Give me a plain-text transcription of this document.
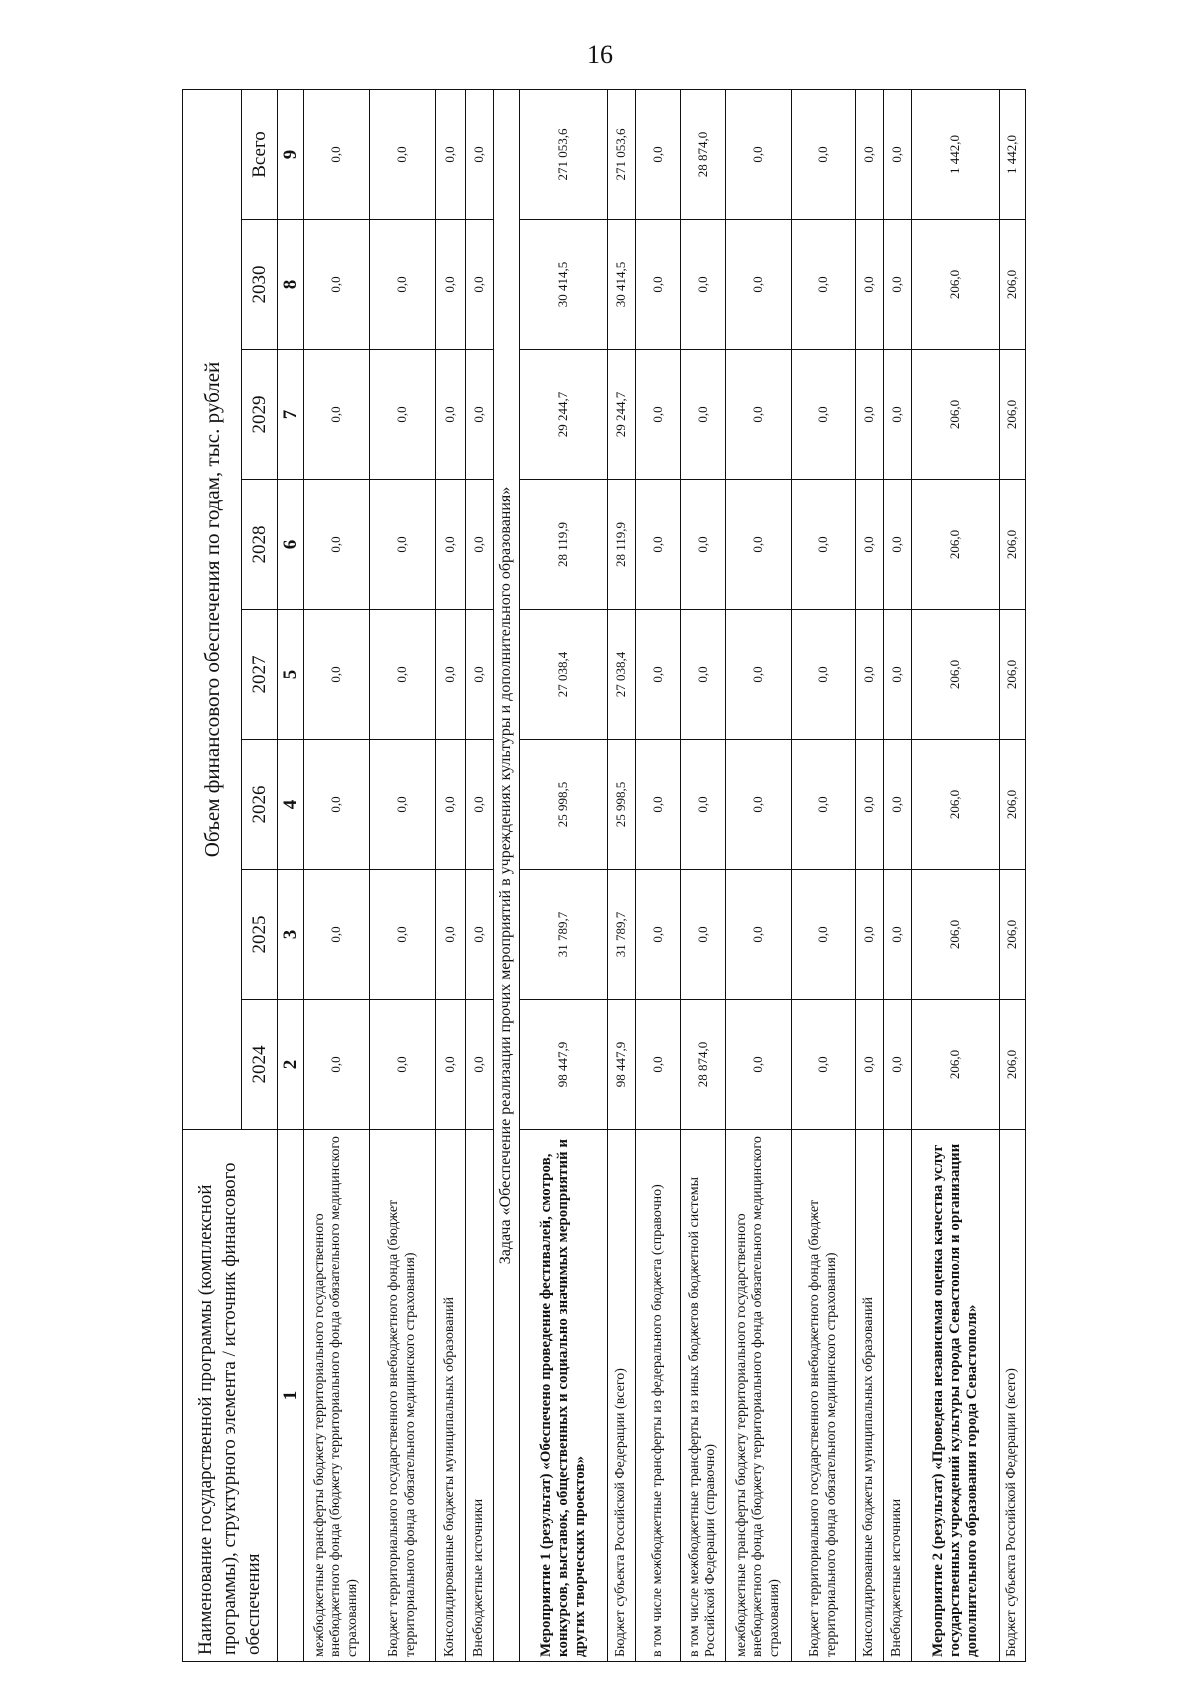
16
Наименование государственной программы (комплексной программы), структурного элемента / источник финансового обеспечения	Объем финансового обеспечения по годам, тыс. рублей							
	2024	2025	2026	2027	2028	2029	2030	Всего
1	2	3	4	5	6	7	8	9
межбюджетные трансферты бюджету территориального государственного внебюджетного фонда (бюджету территориального фонда обязательного медицинского страхования)	0,0	0,0	0,0	0,0	0,0	0,0	0,0	0,0
Бюджет территориального государственного внебюджетного фонда (бюджет территориального фонда обязательного медицинского страхования)	0,0	0,0	0,0	0,0	0,0	0,0	0,0	0,0
Консолидированные бюджеты муниципальных образований	0,0	0,0	0,0	0,0	0,0	0,0	0,0	0,0
Внебюджетные источники	0,0	0,0	0,0	0,0	0,0	0,0	0,0	0,0
Задача «Обеспечение реализации прочих мероприятий в учреждениях культуры и дополнительного образования»								
Мероприятие 1 (результат) «Обеспечено проведение фестивалей, смотров, конкурсов, выставок, общественных и социально значимых мероприятий и других творческих проектов»	98 447,9	31 789,7	25 998,5	27 038,4	28 119,9	29 244,7	30 414,5	271 053,6
Бюджет субъекта Российской Федерации (всего)	98 447,9	31 789,7	25 998,5	27 038,4	28 119,9	29 244,7	30 414,5	271 053,6
в том числе межбюджетные трансферты из федерального бюджета (справочно)	0,0	0,0	0,0	0,0	0,0	0,0	0,0	0,0
в том числе межбюджетные трансферты из иных бюджетов бюджетной системы Российской Федерации (справочно)	28 874,0	0,0	0,0	0,0	0,0	0,0	0,0	28 874,0
межбюджетные трансферты бюджету территориального государственного внебюджетного фонда (бюджету территориального фонда обязательного медицинского страхования)	0,0	0,0	0,0	0,0	0,0	0,0	0,0	0,0
Бюджет территориального государственного внебюджетного фонда (бюджет территориального фонда обязательного медицинского страхования)	0,0	0,0	0,0	0,0	0,0	0,0	0,0	0,0
Консолидированные бюджеты муниципальных образований	0,0	0,0	0,0	0,0	0,0	0,0	0,0	0,0
Внебюджетные источники	0,0	0,0	0,0	0,0	0,0	0,0	0,0	0,0
Мероприятие 2 (результат) «Проведена независимая оценка качества услуг государственных учреждений культуры города Севастополя и организации дополнительного образования города Севастополя»	206,0	206,0	206,0	206,0	206,0	206,0	206,0	1 442,0
Бюджет субъекта Российской Федерации (всего)	206,0	206,0	206,0	206,0	206,0	206,0	206,0	1 442,0
